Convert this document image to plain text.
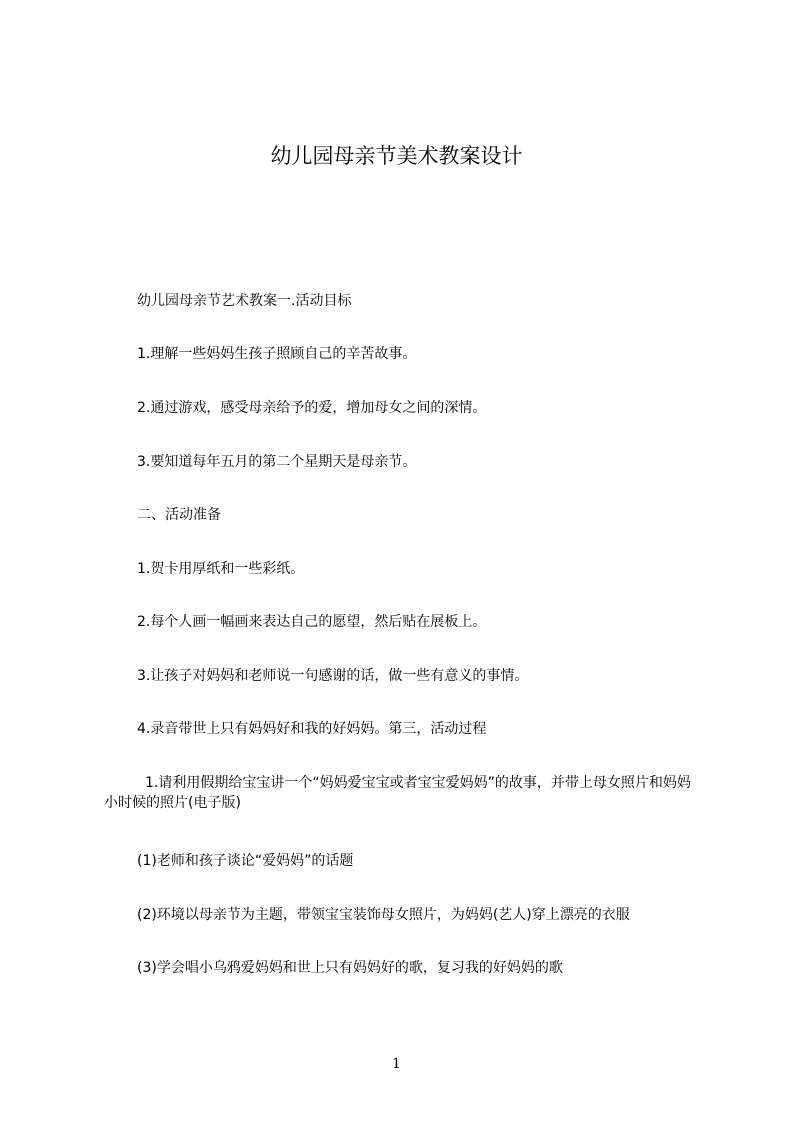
幼儿园母亲节美术教案设计

幼儿园母亲节艺术教案一.活动目标

1.理解一些妈妈生孩子照顾自己的辛苦故事。

2.通过游戏，感受母亲给予的爱，增加母女之间的深情。

3.要知道每年五月的第二个星期天是母亲节。

二、活动准备

1.贺卡用厚纸和一些彩纸。

2.每个人画一幅画来表达自己的愿望，然后贴在展板上。

3.让孩子对妈妈和老师说一句感谢的话，做一些有意义的事情。

4.录音带世上只有妈妈好和我的好妈妈。第三，活动过程

1.请利用假期给宝宝讲一个“妈妈爱宝宝或者宝宝爱妈妈”的故事，并带上母女照片和妈妈小时候的照片(电子版)

(1)老师和孩子谈论“爱妈妈”的话题

(2)环境以母亲节为主题，带领宝宝装饰母女照片，为妈妈(艺人)穿上漂亮的衣服

(3)学会唱小乌鸦爱妈妈和世上只有妈妈好的歌，复习我的好妈妈的歌

1
